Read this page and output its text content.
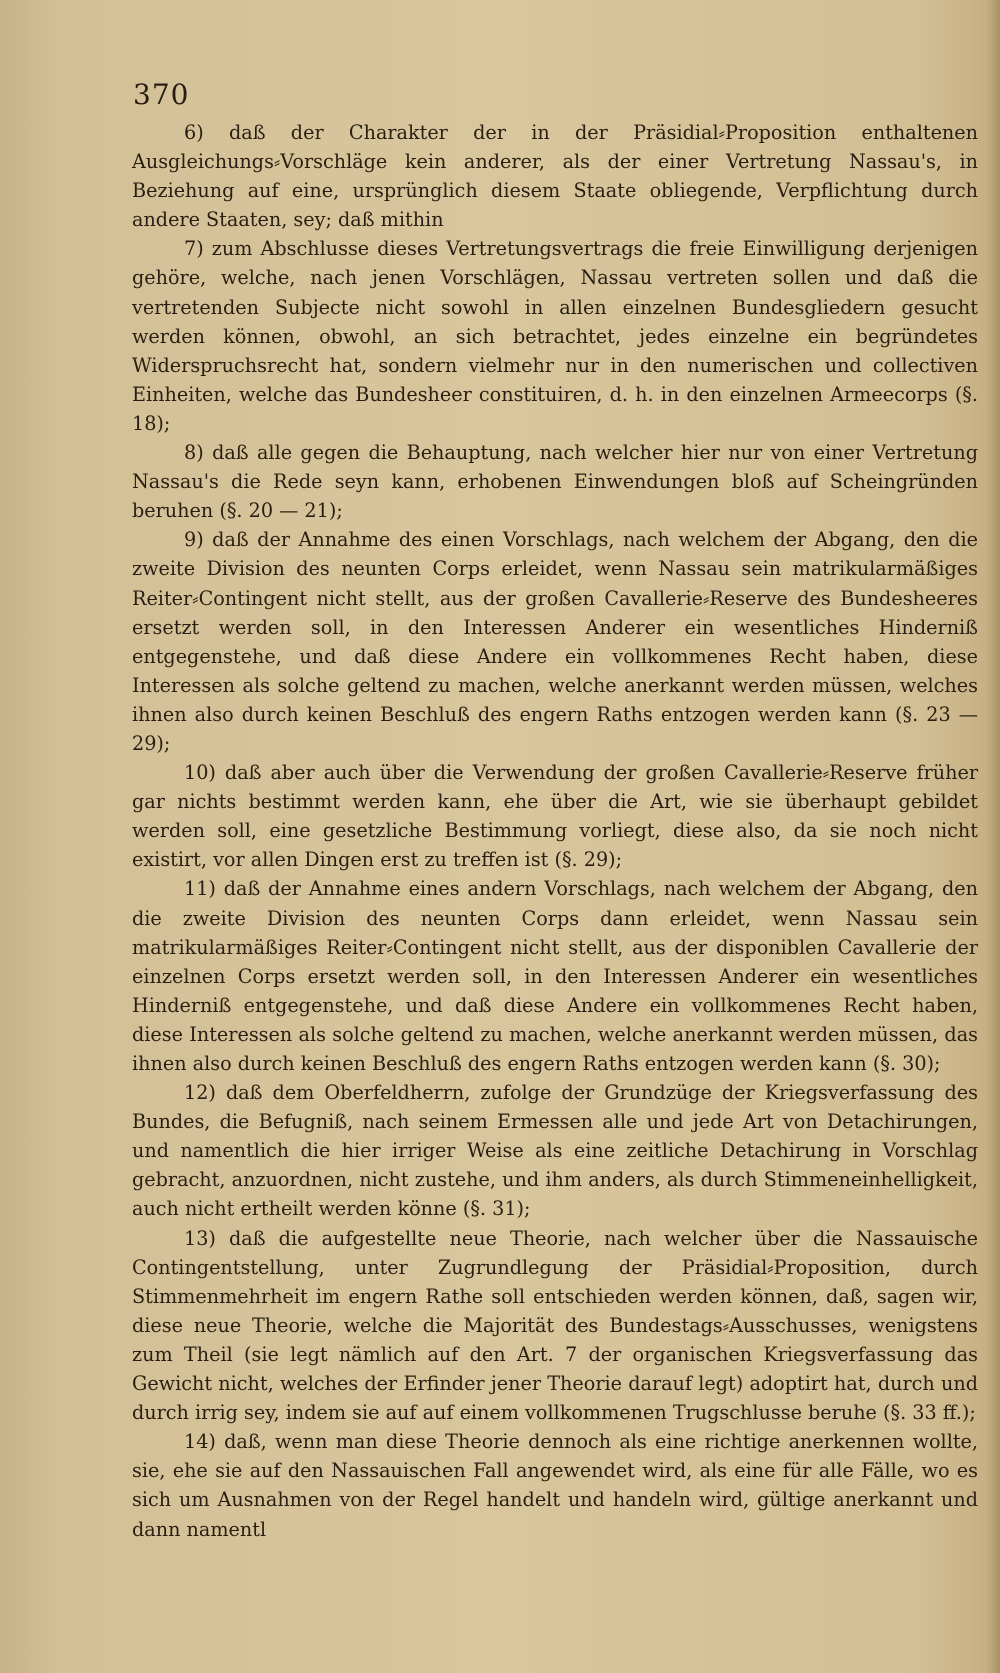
370

6) daß der Charakter der in der Präsidial⸗Proposition enthaltenen Ausgleichungs⸗Vorschläge kein anderer, als der einer Vertretung Nassau's, in Beziehung auf eine, ursprünglich diesem Staate obliegende, Verpflichtung durch andere Staaten, sey; daß mithin

7) zum Abschlusse dieses Vertretungsvertrags die freie Einwilligung derjenigen gehöre, welche, nach jenen Vorschlägen, Nassau vertreten sollen und daß die vertretenden Subjecte nicht sowohl in allen einzelnen Bundesgliedern gesucht werden können, obwohl, an sich betrachtet, jedes einzelne ein begründetes Widerspruchsrecht hat, sondern vielmehr nur in den numerischen und collectiven Einheiten, welche das Bundesheer constituiren, d. h. in den einzelnen Armeecorps (§. 18);

8) daß alle gegen die Behauptung, nach welcher hier nur von einer Vertretung Nassau's die Rede seyn kann, erhobenen Einwendungen bloß auf Scheingründen beruhen (§. 20 — 21);

9) daß der Annahme des einen Vorschlags, nach welchem der Abgang, den die zweite Division des neunten Corps erleidet, wenn Nassau sein matrikularmäßiges Reiter⸗Contingent nicht stellt, aus der großen Cavallerie⸗Reserve des Bundesheeres ersetzt werden soll, in den Interessen Anderer ein wesentliches Hinderniß entgegenstehe, und daß diese Andere ein vollkommenes Recht haben, diese Interessen als solche geltend zu machen, welche anerkannt werden müssen, welches ihnen also durch keinen Beschluß des engern Raths entzogen werden kann (§. 23 — 29);

10) daß aber auch über die Verwendung der großen Cavallerie⸗Reserve früher gar nichts bestimmt werden kann, ehe über die Art, wie sie überhaupt gebildet werden soll, eine gesetzliche Bestimmung vorliegt, diese also, da sie noch nicht existirt, vor allen Dingen erst zu treffen ist (§. 29);

11) daß der Annahme eines andern Vorschlags, nach welchem der Abgang, den die zweite Division des neunten Corps dann erleidet, wenn Nassau sein matrikularmäßiges Reiter⸗Contingent nicht stellt, aus der disponiblen Cavallerie der einzelnen Corps ersetzt werden soll, in den Interessen Anderer ein wesentliches Hinderniß entgegenstehe, und daß diese Andere ein vollkommenes Recht haben, diese Interessen als solche geltend zu machen, welche anerkannt werden müssen, das ihnen also durch keinen Beschluß des engern Raths entzogen werden kann (§. 30);

12) daß dem Oberfeldherrn, zufolge der Grundzüge der Kriegsverfassung des Bundes, die Befugniß, nach seinem Ermessen alle und jede Art von Detachirungen, und namentlich die hier irriger Weise als eine zeitliche Detachirung in Vorschlag gebracht, anzuordnen, nicht zustehe, und ihm anders, als durch Stimmeneinhelligkeit, auch nicht ertheilt werden könne (§. 31);

13) daß die aufgestellte neue Theorie, nach welcher über die Nassauische Contingentstellung, unter Zugrundlegung der Präsidial⸗Proposition, durch Stimmenmehrheit im engern Rathe soll entschieden werden können, daß, sagen wir, diese neue Theorie, welche die Majorität des Bundestags⸗Ausschusses, wenigstens zum Theil (sie legt nämlich auf den Art. 7 der organischen Kriegsverfassung das Gewicht nicht, welches der Erfinder jener Theorie darauf legt) adoptirt hat, durch und durch irrig sey, indem sie auf auf einem vollkommenen Trugschlusse beruhe (§. 33 ff.);

14) daß, wenn man diese Theorie dennoch als eine richtige anerkennen wollte, sie, ehe sie auf den Nassauischen Fall angewendet wird, als eine für alle Fälle, wo es sich um Ausnahmen von der Regel handelt und handeln wird, gültige anerkannt und dann namentl
